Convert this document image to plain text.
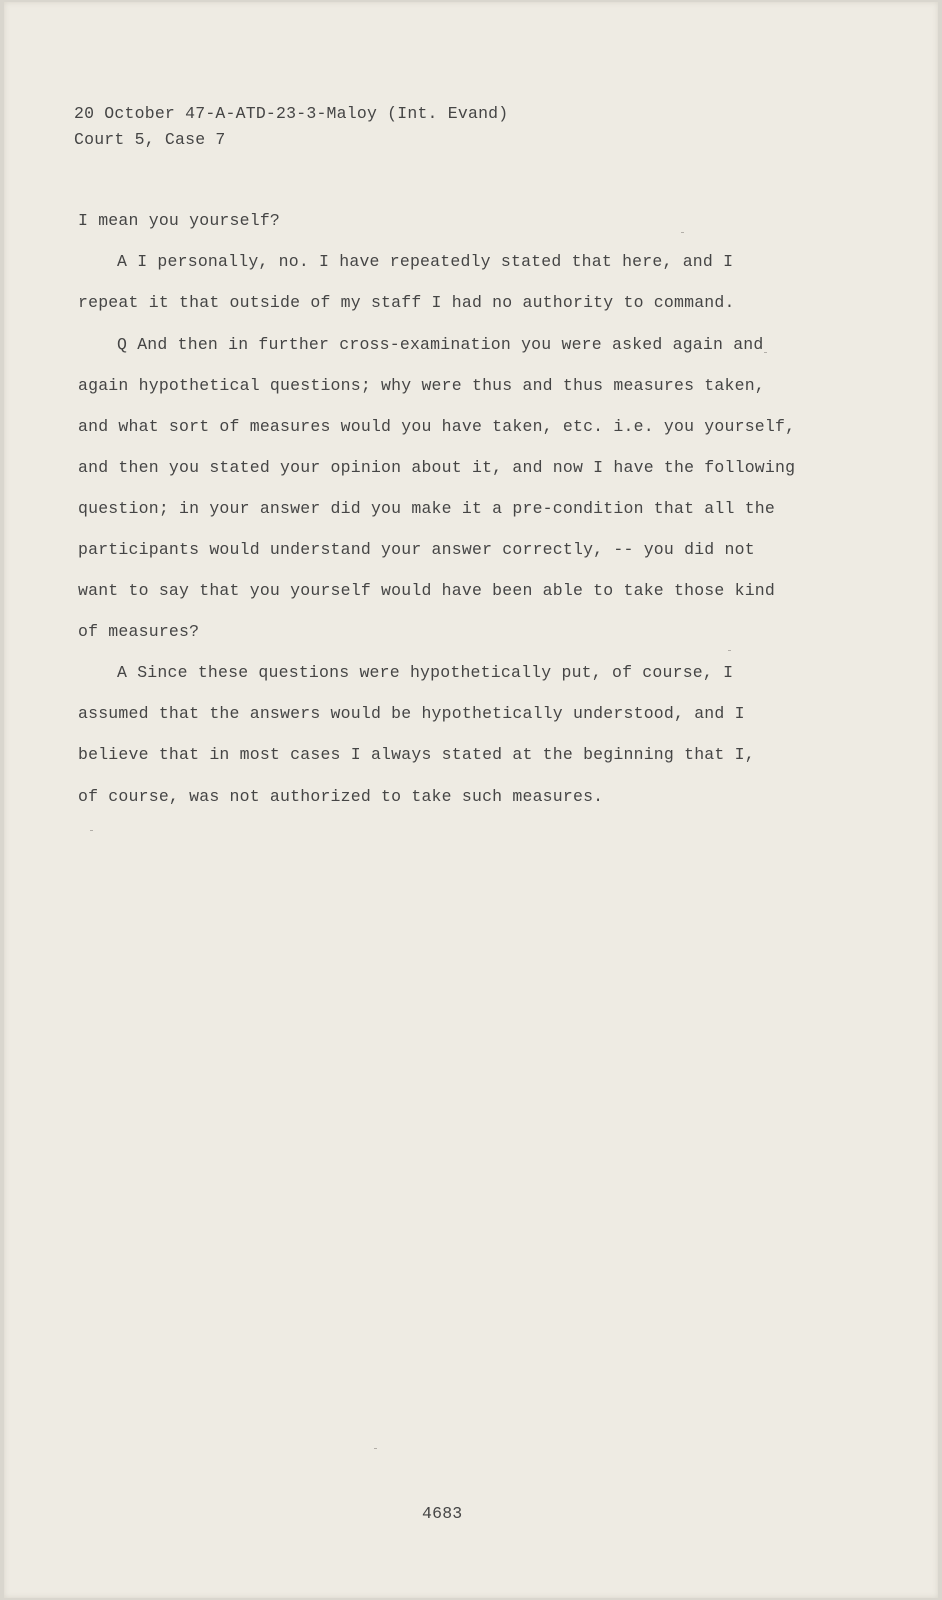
20 October 47-A-ATD-23-3-Maloy (Int. Evand)
Court 5, Case 7
I mean you yourself?
A I personally, no. I have repeatedly stated that here, and I
repeat it that outside of my staff I had no authority to command.
Q And then in further cross-examination you were asked again and
again hypothetical questions; why were thus and thus measures taken,
and what sort of measures would you have taken, etc. i.e. you yourself,
and then you stated your opinion about it, and now I have the following
question; in your answer did you make it a pre-condition that all the
participants would understand your answer correctly, -- you did not
want to say that you yourself would have been able to take those kind
of measures?
A Since these questions were hypothetically put, of course, I
assumed that the answers would be hypothetically understood, and I
believe that in most cases I always stated at the beginning that I,
of course, was not authorized to take such measures.
4683
